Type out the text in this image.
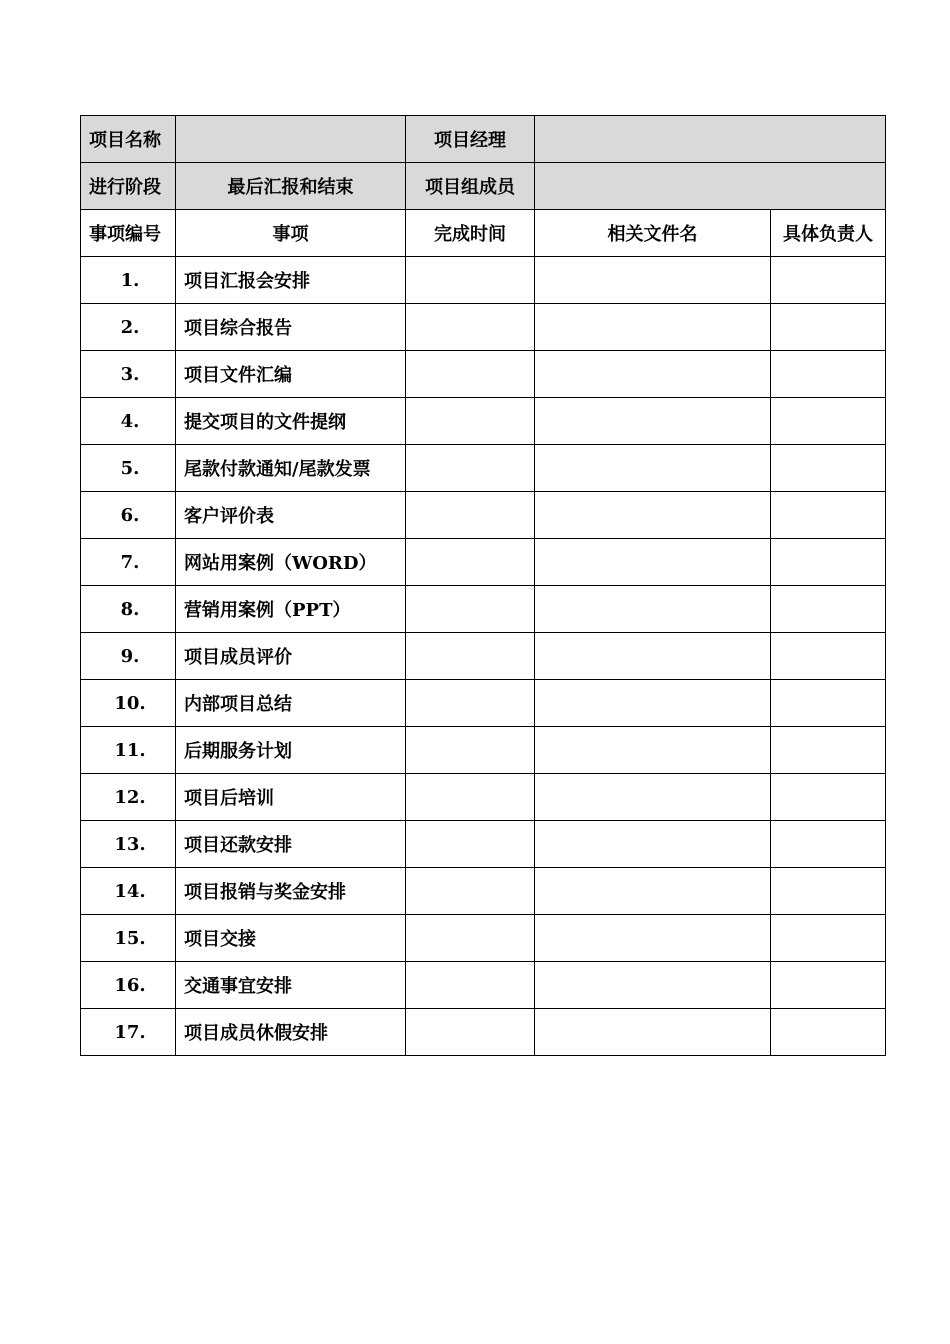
项目名称		项目经理		
进行阶段	最后汇报和结束	项目组成员		
事项编号	事项	完成时间	相关文件名	具体负责人
1.	项目汇报会安排			
2.	项目综合报告			
3.	项目文件汇编			
4.	提交项目的文件提纲			
5.	尾款付款通知/尾款发票			
6.	客户评价表			
7.	网站用案例（WORD）			
8.	营销用案例（PPT）			
9.	项目成员评价			
10.	内部项目总结			
11.	后期服务计划			
12.	项目后培训			
13.	项目还款安排			
14.	项目报销与奖金安排			
15.	项目交接			
16.	交通事宜安排			
17.	项目成员休假安排			
